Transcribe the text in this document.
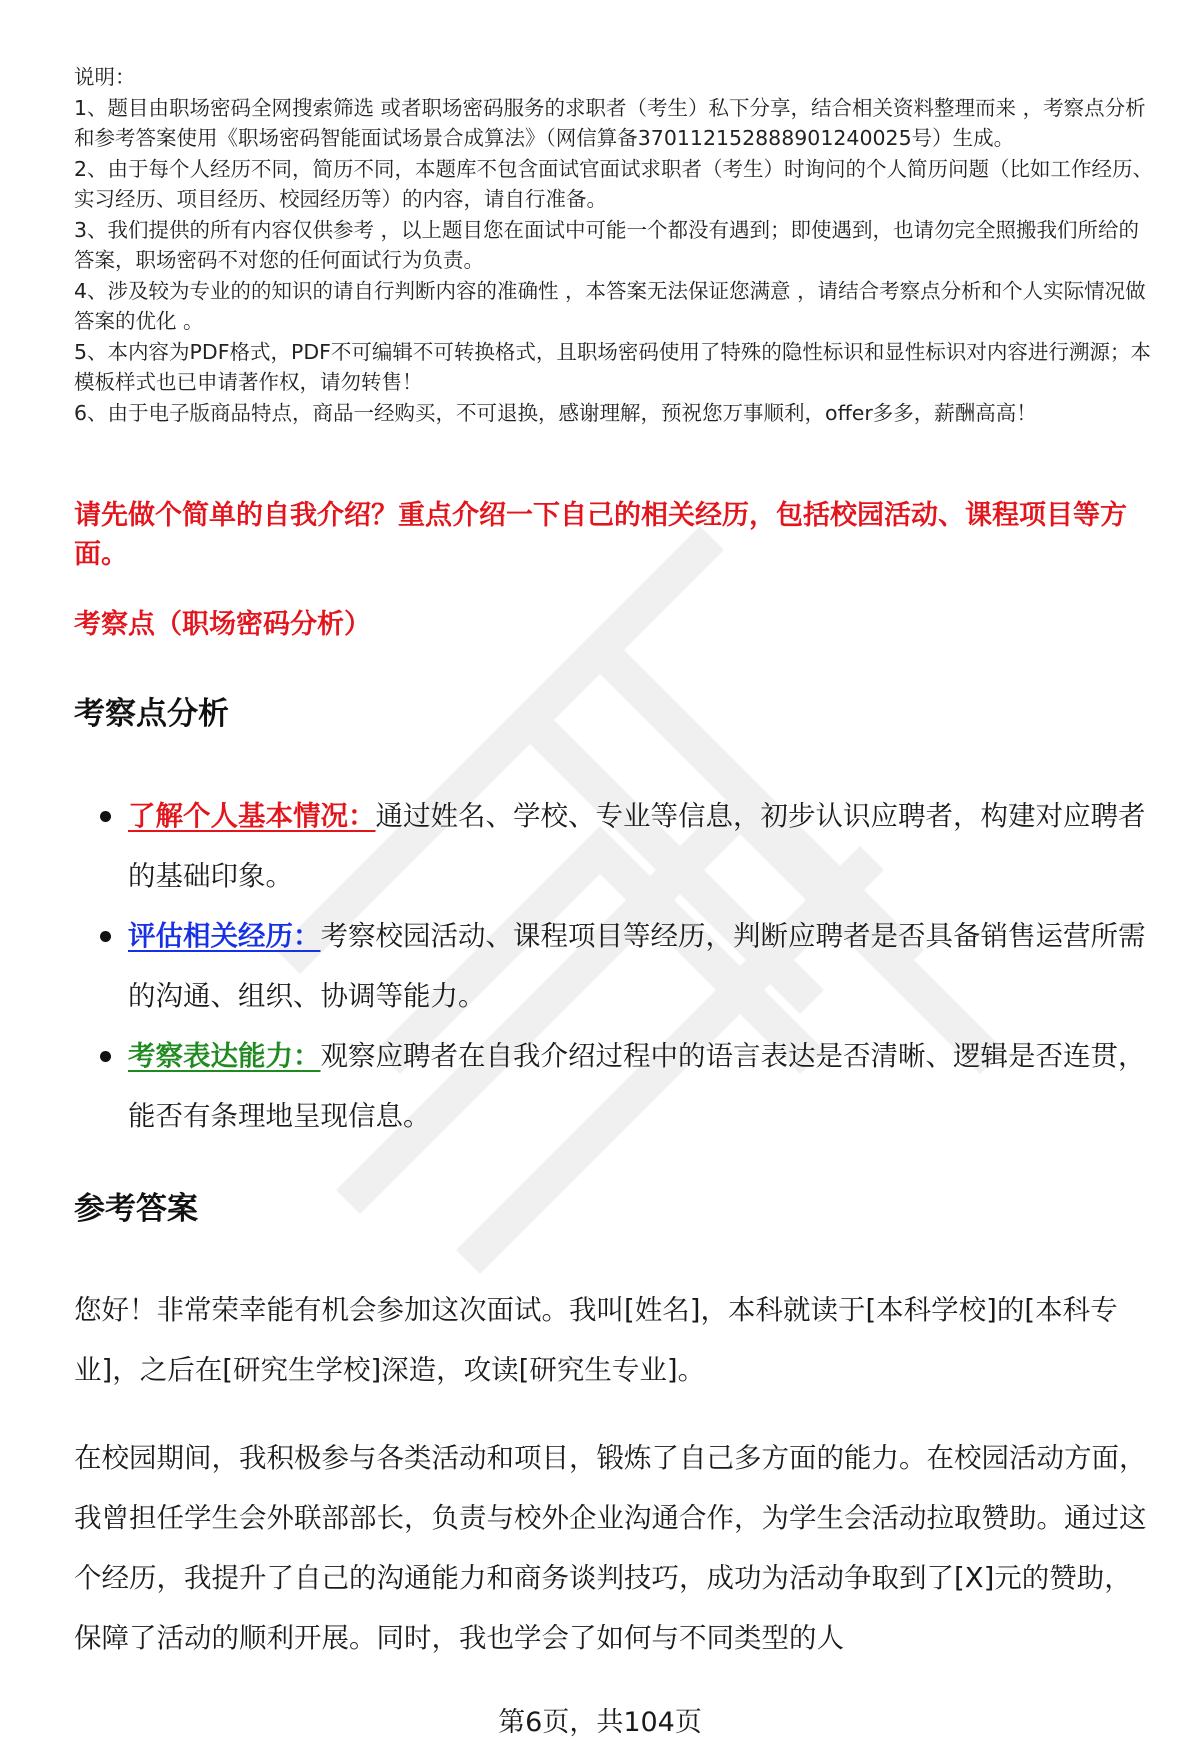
说明：

1、题目由职场密码全网搜索筛选 或者职场密码服务的求职者（考生）私下分享，结合相关资料整理而来 ，考察点分析和参考答案使用《职场密码智能面试场景合成算法》（网信算备370112152888901240025号）生成。

2、由于每个人经历不同，简历不同，本题库不包含面试官面试求职者（考生）时询问的个人简历问题（比如工作经历、实习经历、项目经历、校园经历等）的内容，请自行准备。

3、我们提供的所有内容仅供参考 ，以上题目您在面试中可能一个都没有遇到；即使遇到，也请勿完全照搬我们所给的答案，职场密码不对您的任何面试行为负责。

4、涉及较为专业的的知识的请自行判断内容的准确性 ，本答案无法保证您满意 ，请结合考察点分析和个人实际情况做答案的优化 。

5、本内容为PDF格式，PDF不可编辑不可转换格式，且职场密码使用了特殊的隐性标识和显性标识对内容进行溯源；本模板样式也已申请著作权，请勿转售！

6、由于电子版商品特点，商品一经购买，不可退换，感谢理解，预祝您万事顺利，offer多多，薪酬高高！

请先做个简单的自我介绍？重点介绍一下自己的相关经历，包括校园活动、课程项目等方面。
考察点（职场密码分析）
考察点分析
了解个人基本情况：通过姓名、学校、专业等信息，初步认识应聘者，构建对应聘者的基础印象。
评估相关经历：考察校园活动、课程项目等经历，判断应聘者是否具备销售运营所需的沟通、组织、协调等能力。
考察表达能力：观察应聘者在自我介绍过程中的语言表达是否清晰、逻辑是否连贯，能否有条理地呈现信息。
参考答案

您好！非常荣幸能有机会参加这次面试。我叫[姓名]，本科就读于[本科学校]的[本科专业]，之后在[研究生学校]深造，攻读[研究生专业]。

在校园期间，我积极参与各类活动和项目，锻炼了自己多方面的能力。在校园活动方面，我曾担任学生会外联部部长，负责与校外企业沟通合作，为学生会活动拉取赞助。通过这个经历，我提升了自己的沟通能力和商务谈判技巧，成功为活动争取到了[X]元的赞助，保障了活动的顺利开展。同时，我也学会了如何与不同类型的人

第6页，共104页
